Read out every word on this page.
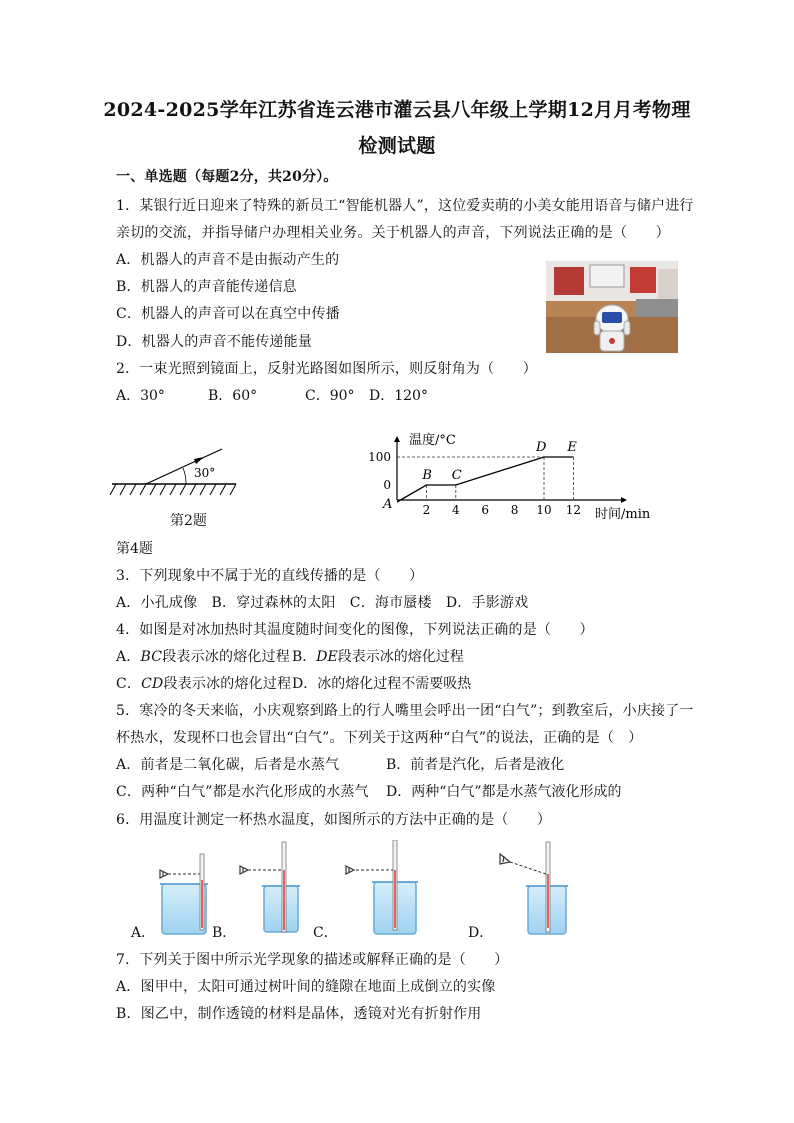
2024-2025学年江苏省连云港市灌云县八年级上学期12月月考物理
检测试题
一、单选题（每题2分，共20分）。
1．某银行近日迎来了特殊的新员工“智能机器人”，这位爱卖萌的小美女能用语音与储户进行
亲切的交流，并指导储户办理相关业务。关于机器人的声音，下列说法正确的是（　　）
A．机器人的声音不是由振动产生的
B．机器人的声音能传递信息
C．机器人的声音可以在真空中传播
D．机器人的声音不能传递能量
2．一束光照到镜面上，反射光路图如图所示，则反射角为（　　）
A．30°	B．60°	C．90° D．120°
30°
第2题
温度/°C
时间/min
0
100
2 4 6 8 10 12
A
B C
D E
第4题
3．下列现象中不属于光的直线传播的是（　　）
A．小孔成像　B．穿过森林的太阳　C．海市蜃楼　D．手影游戏
4．如图是对冰加热时其温度随时间变化的图像，下列说法正确的是（　　）
A．BC段表示冰的熔化过程 B．DE段表示冰的熔化过程
C．CD段表示冰的熔化过程 D．冰的熔化过程不需要吸热
5．寒冷的冬天来临，小庆观察到路上的行人嘴里会呼出一团“白气”；到教室后，小庆接了一
杯热水，发现杯口也会冒出“白气”。下列关于这两种“白气”的说法，正确的是（　）
A．前者是二氧化碳，后者是水蒸气	B．前者是汽化，后者是液化
C．两种“白气”都是水汽化形成的水蒸气 D．两种“白气”都是水蒸气液化形成的
6．用温度计测定一杯热水温度，如图所示的方法中正确的是（　　）
A．	B．	C．	D．
7．下列关于图中所示光学现象的描述或解释正确的是（　　）
A．图甲中，太阳可通过树叶间的缝隙在地面上成倒立的实像
B．图乙中，制作透镜的材料是晶体，透镜对光有折射作用
